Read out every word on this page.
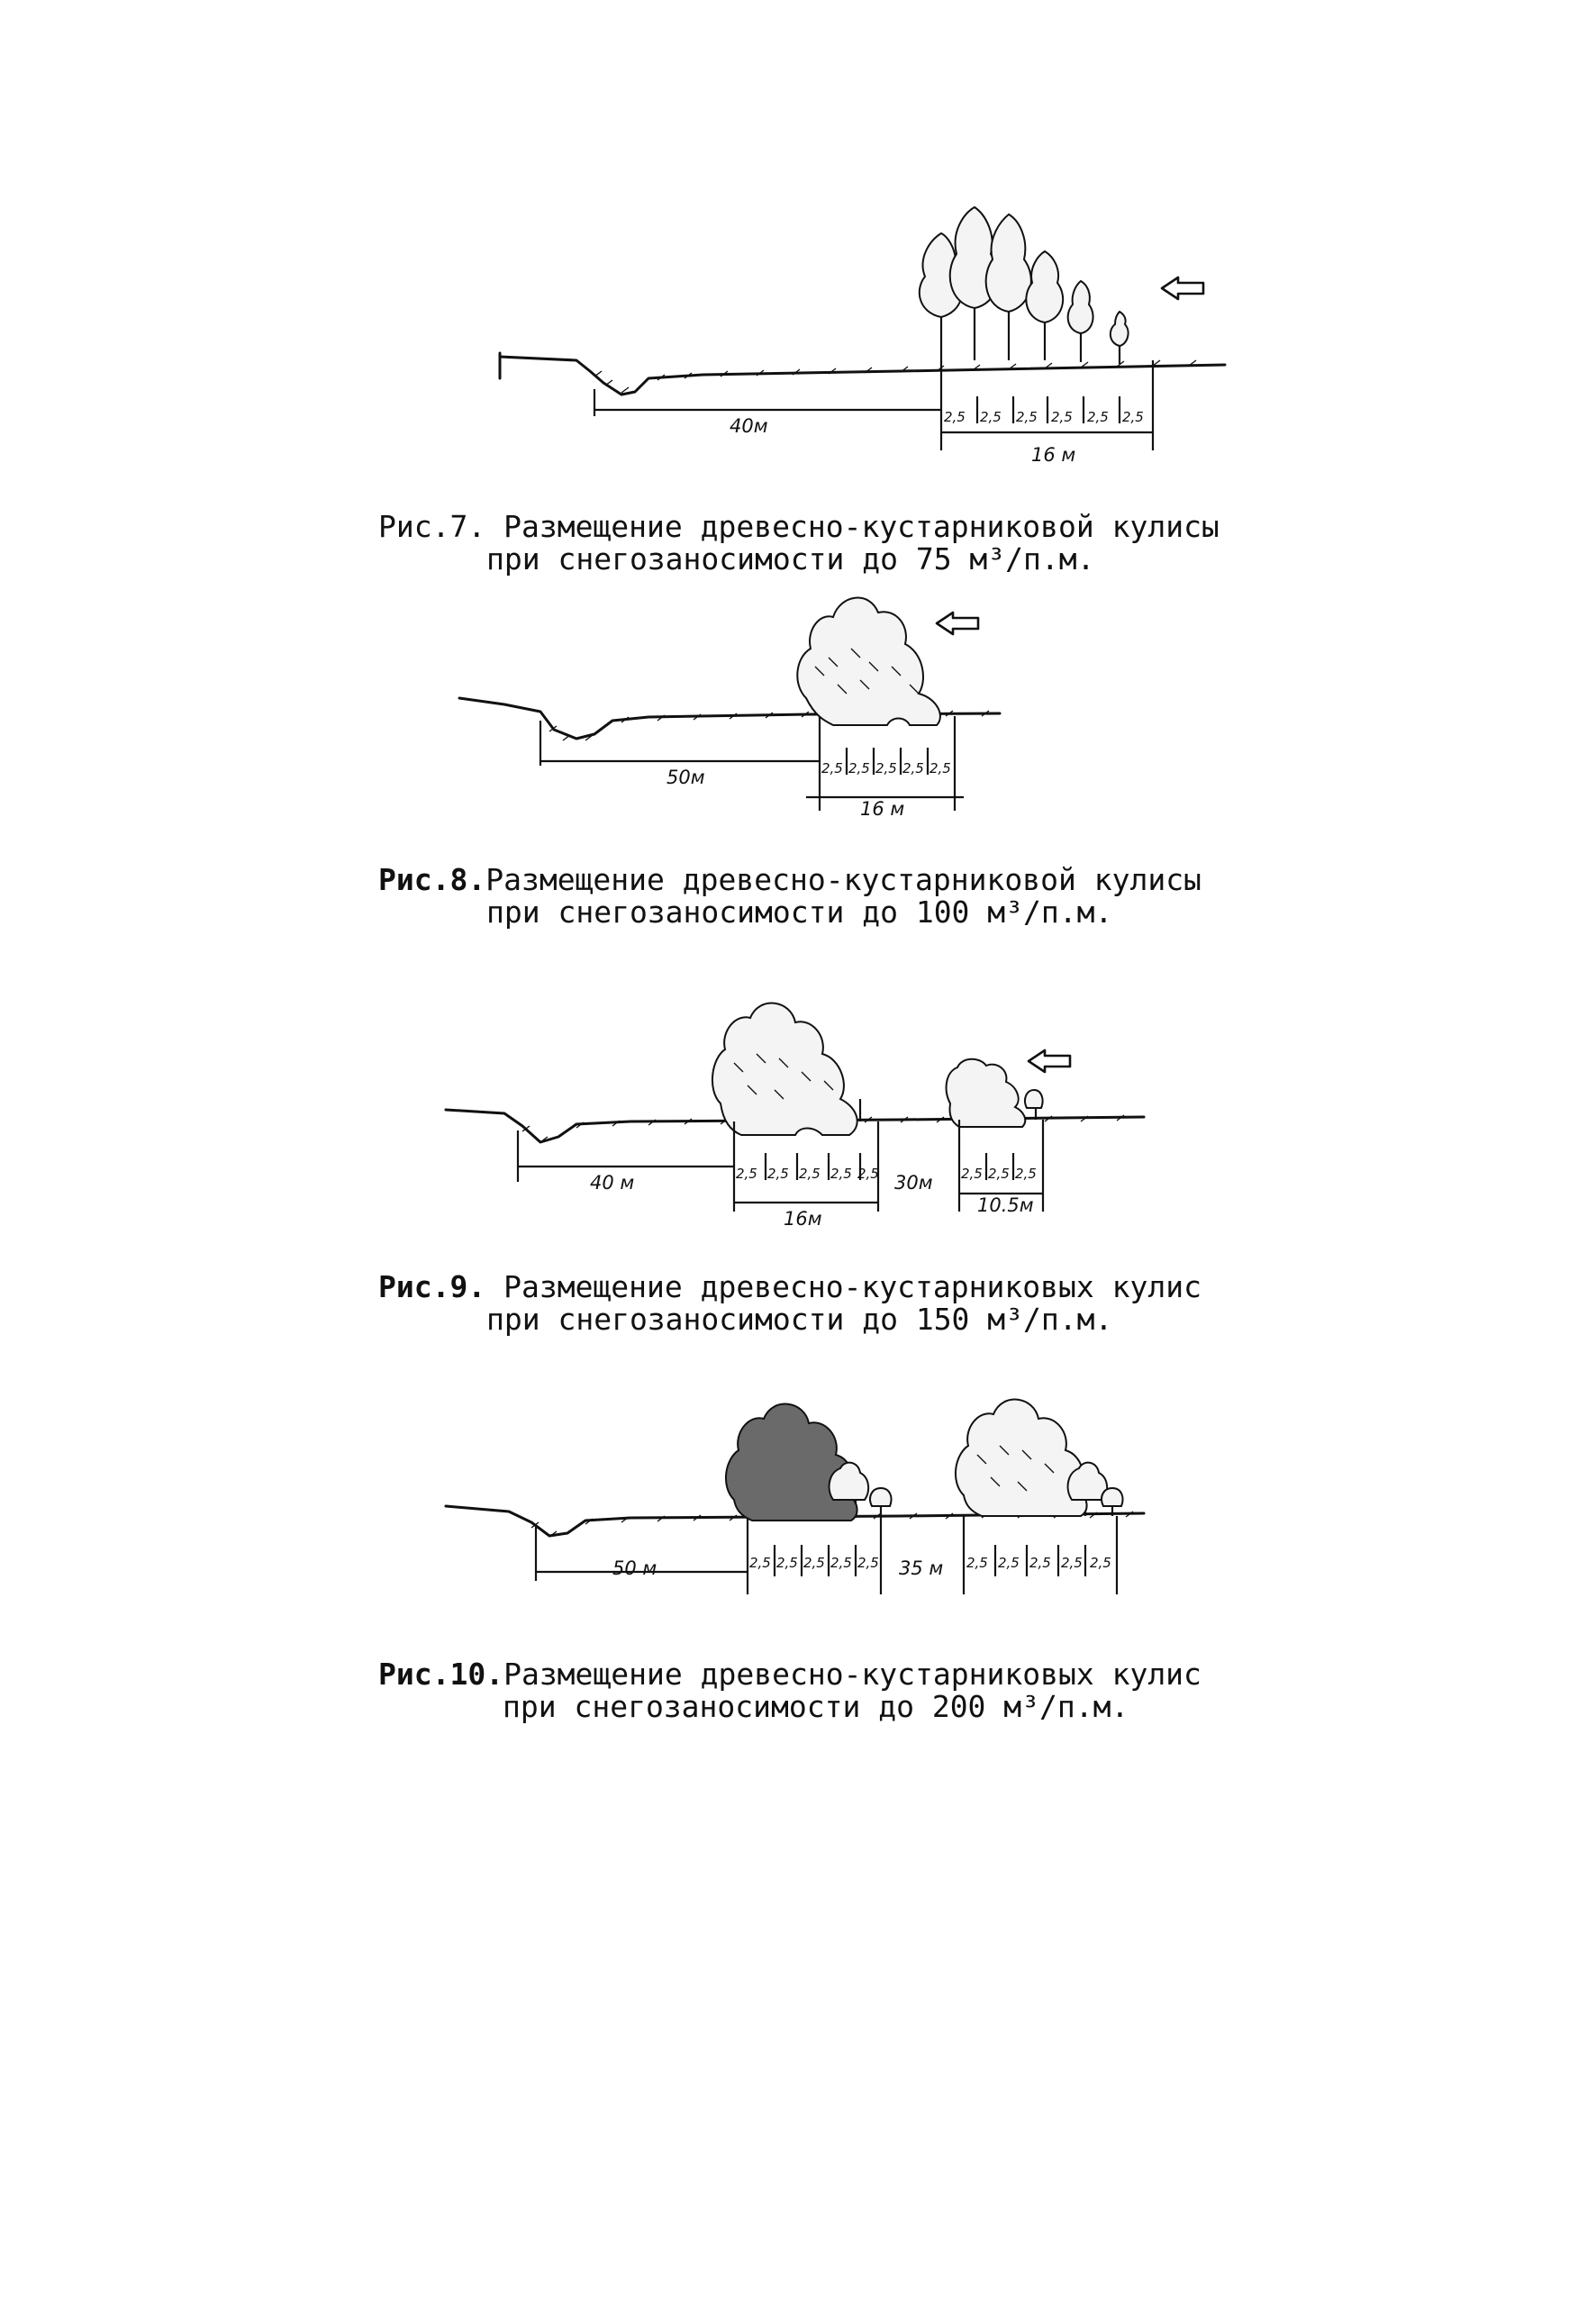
40м	2,5 2,5 2,5 2,5 2,5 2,5
16 м
Рис.7. Размещение древесно-кустарниковой кулисы
при снегозаносимости до 75 м³/п.м.
50м	2,5 2,5 2,5 2,5 2,5
16 м
Рис.8.Размещение древесно-кустарниковой кулисы
при снегозаносимости до 100 м³/п.м.
40 м	2,5 2,5 2,5 2,5 2,5
16м
30м 2,5 2,5 2,5
10.5м
Рис.9. Размещение древесно-кустарниковых кулис
при снегозаносимости до 150 м³/п.м.
50 м	2,5 2,5 2,5 2,5 2,5 35 м 2,5 2,5 2,5 2,5 2,5
Рис.10.Размещение древесно-кустарниковых кулис
при снегозаносимости до 200 м³/п.м.
